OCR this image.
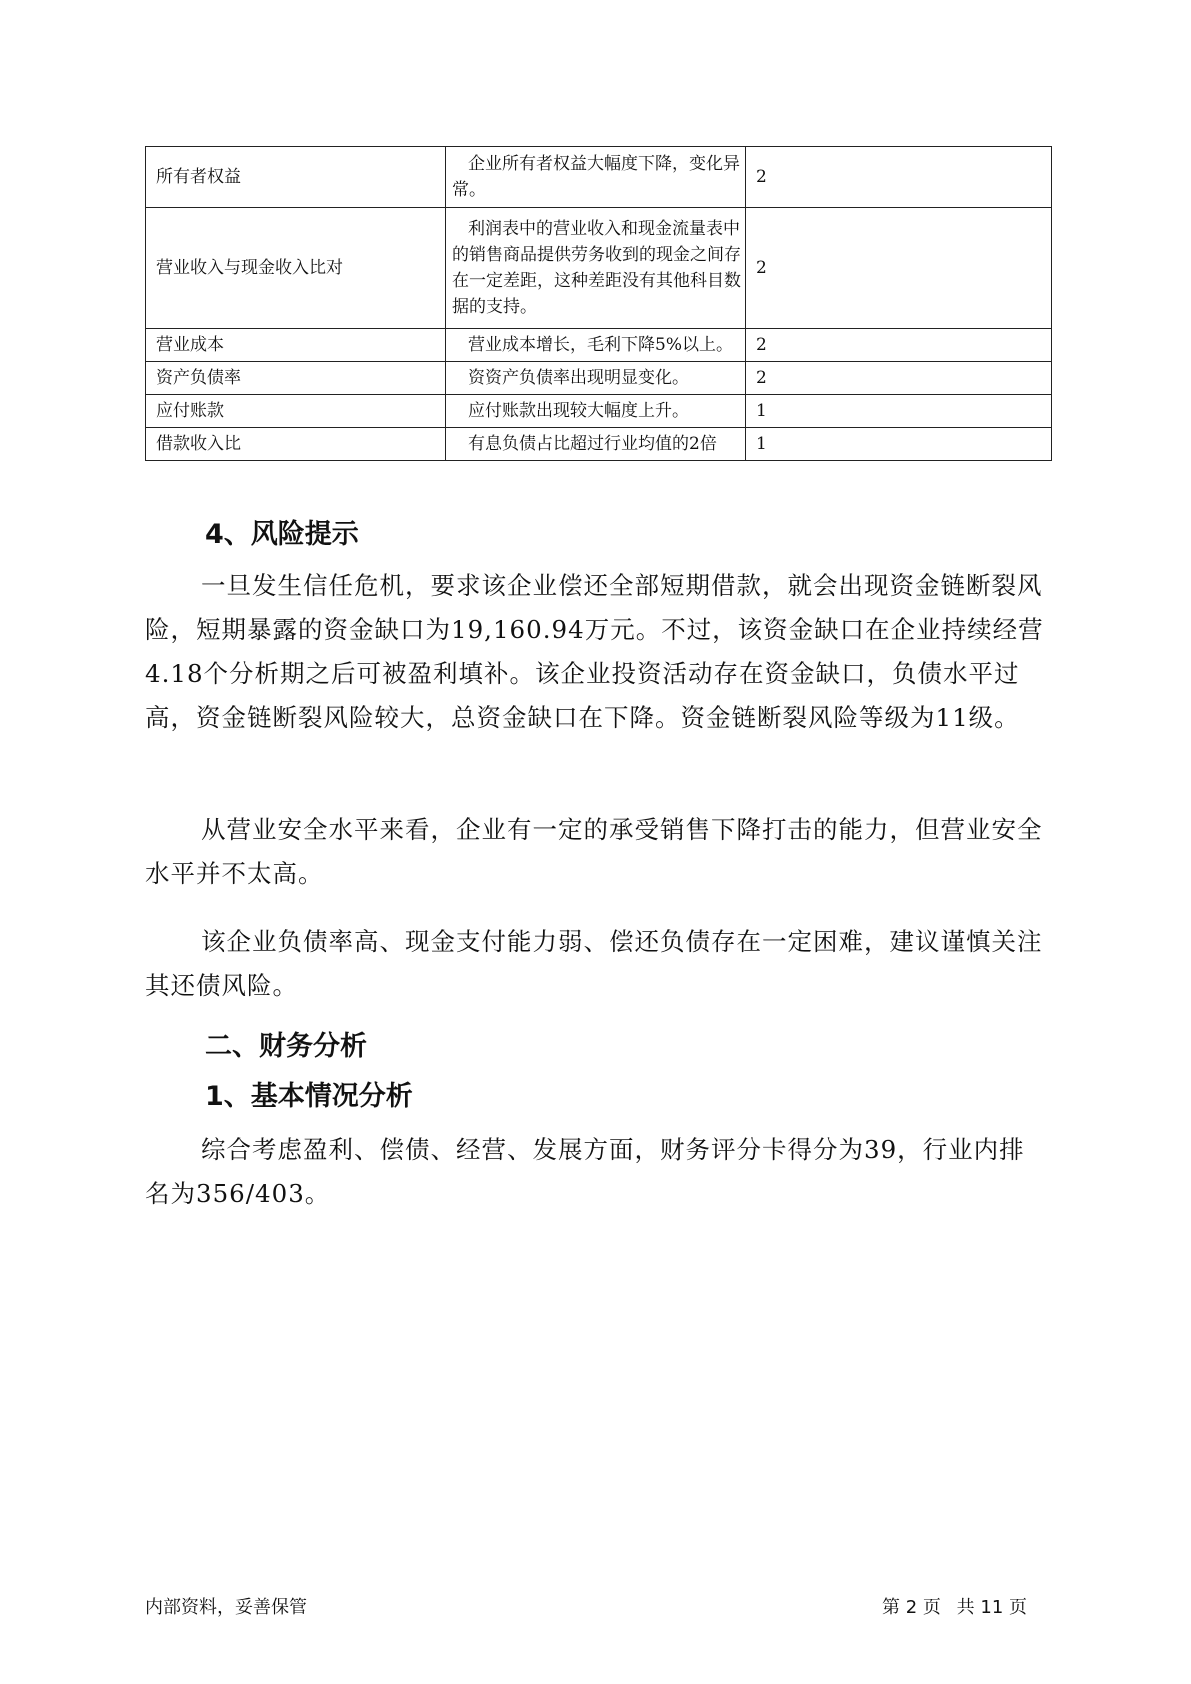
所有者权益	企业所有者权益大幅度下降，变化异常。	2
营业收入与现金收入比对	利润表中的营业收入和现金流量表中的销售商品提供劳务收到的现金之间存在一定差距，这种差距没有其他科目数据的支持。	2
营业成本	营业成本增长，毛利下降5%以上。	2
资产负债率	资资产负债率出现明显变化。	2
应付账款	应付账款出现较大幅度上升。	1
借款收入比	有息负债占比超过行业均值的2倍	1
4、风险提示

一旦发生信任危机，要求该企业偿还全部短期借款，就会出现资金链断裂风险，短期暴露的资金缺口为19,160.94万元。不过，该资金缺口在企业持续经营 4.18个分析期之后可被盈利填补。该企业投资活动存在资金缺口，负债水平过高，资金链断裂风险较大，总资金缺口在下降。资金链断裂风险等级为11级。

从营业安全水平来看，企业有一定的承受销售下降打击的能力，但营业安全水平并不太高。

该企业负债率高、现金支付能力弱、偿还负债存在一定困难，建议谨慎关注其还债风险。

二、财务分析
1、基本情况分析

综合考虑盈利、偿债、经营、发展方面，财务评分卡得分为39，行业内排名为356/403。

内部资料，妥善保管	第 2 页 共 11 页
